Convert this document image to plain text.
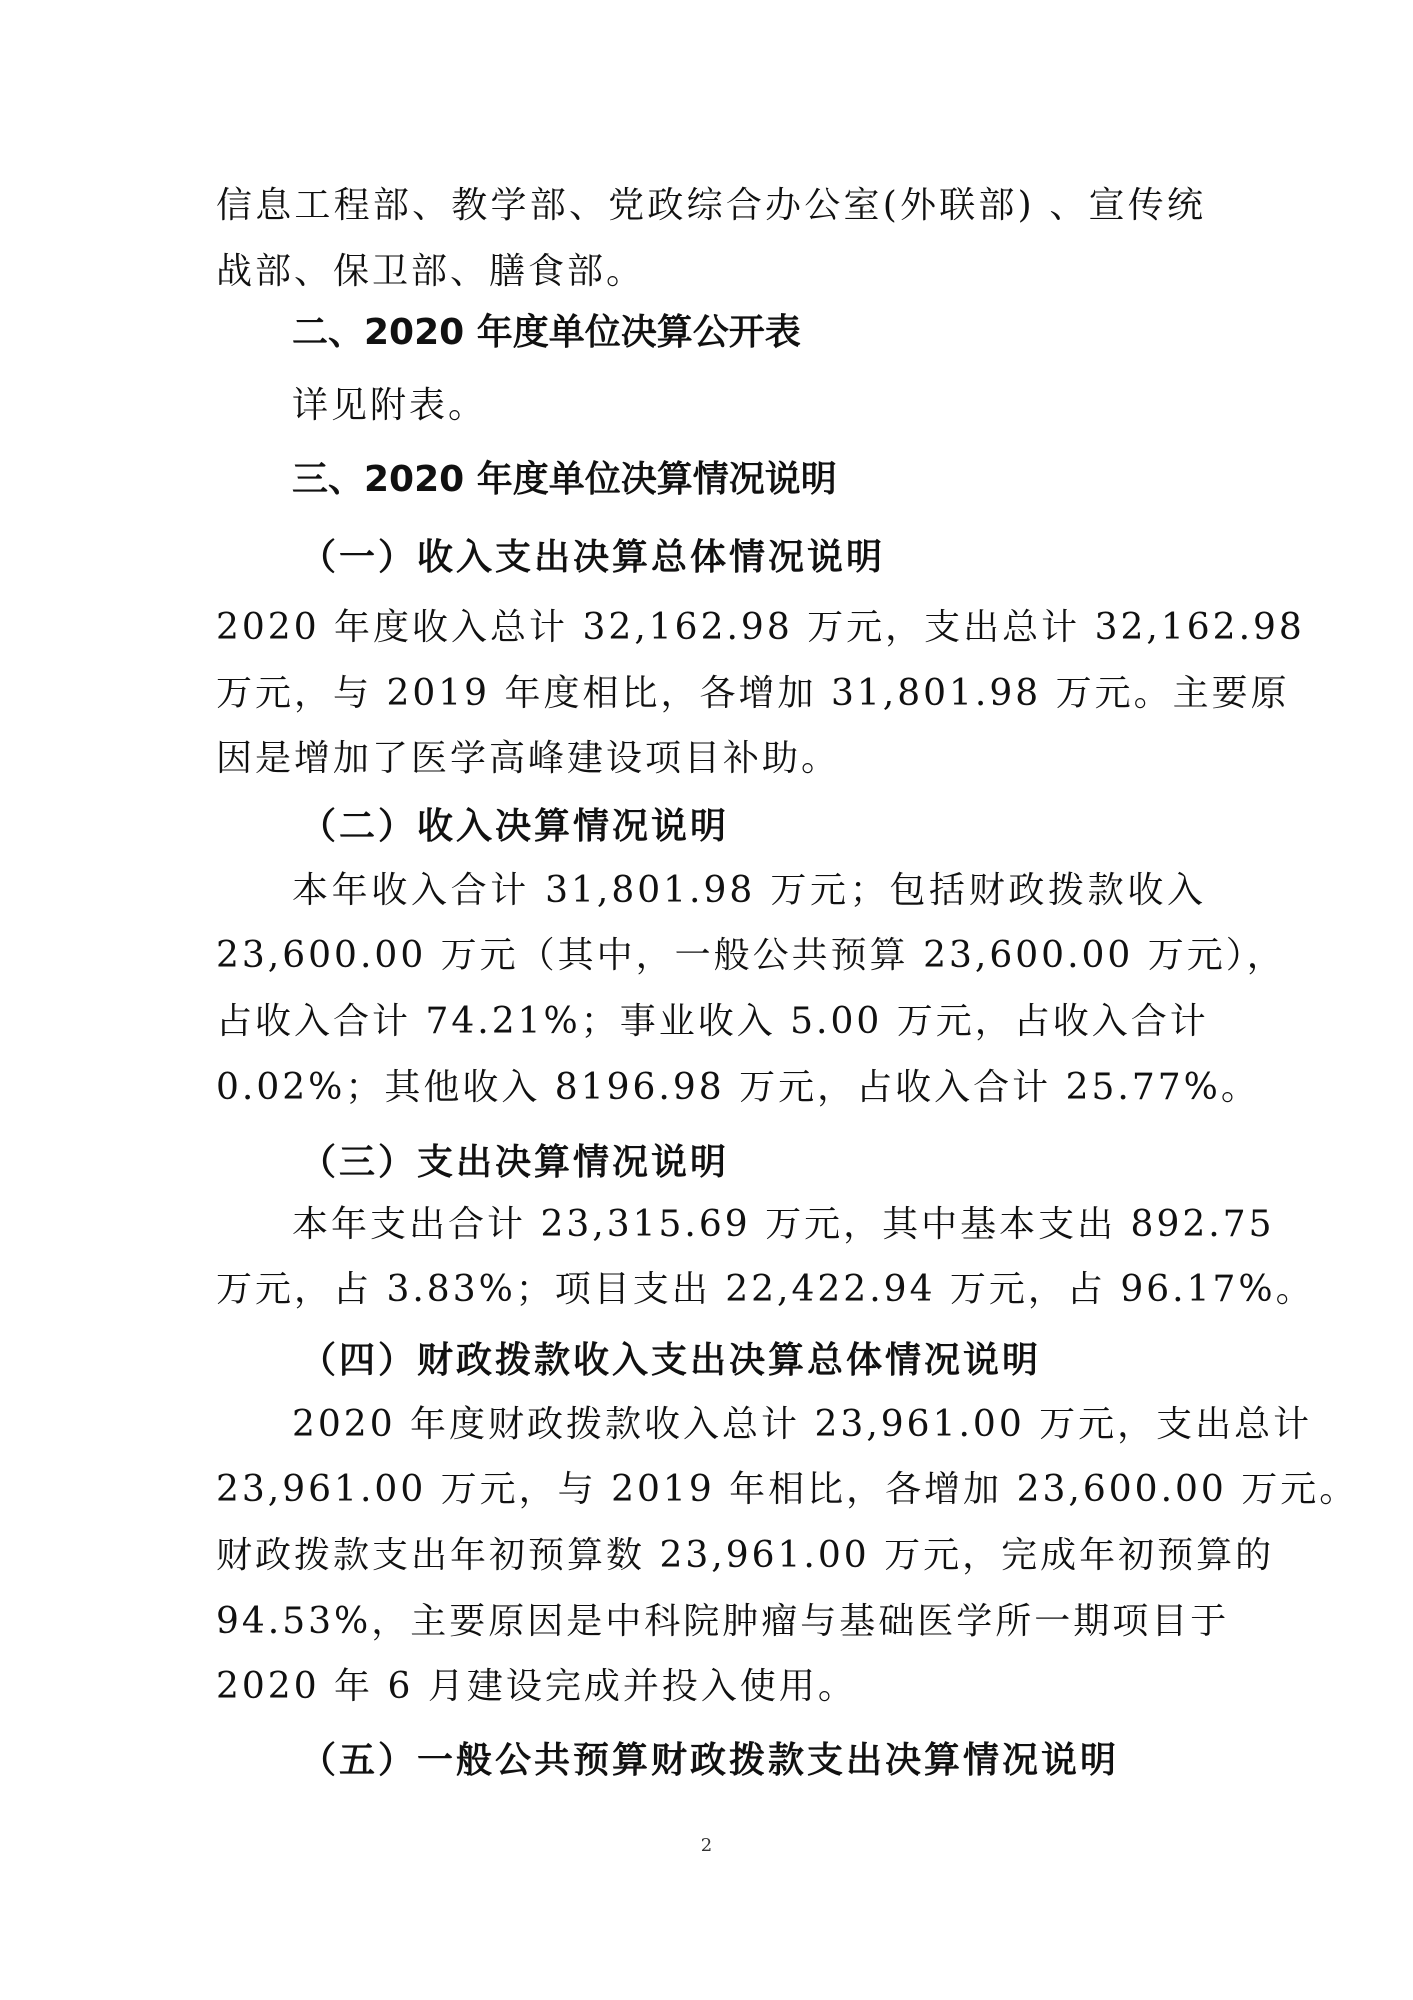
信息工程部、教学部、党政综合办公室(外联部) 、宣传统
战部、保卫部、膳食部。
二、2020 年度单位决算公开表
详见附表。
三、2020 年度单位决算情况说明
（一）收入支出决算总体情况说明
2020 年度收入总计 32,162.98 万元，支出总计 32,162.98
万元，与 2019 年度相比，各增加 31,801.98 万元。主要原
因是增加了医学高峰建设项目补助。
（二）收入决算情况说明
本年收入合计 31,801.98 万元；包括财政拨款收入
23,600.00 万元（其中，一般公共预算 23,600.00 万元），
占收入合计 74.21%；事业收入 5.00 万元，占收入合计
0.02%；其他收入 8196.98 万元，占收入合计 25.77%。
（三）支出决算情况说明
本年支出合计 23,315.69 万元，其中基本支出 892.75
万元，占 3.83%；项目支出 22,422.94 万元，占 96.17%。
（四）财政拨款收入支出决算总体情况说明
2020 年度财政拨款收入总计 23,961.00 万元，支出总计
23,961.00 万元，与 2019 年相比，各增加 23,600.00 万元。
财政拨款支出年初预算数 23,961.00 万元，完成年初预算的
94.53%，主要原因是中科院肿瘤与基础医学所一期项目于
2020 年 6 月建设完成并投入使用。
（五）一般公共预算财政拨款支出决算情况说明
2
